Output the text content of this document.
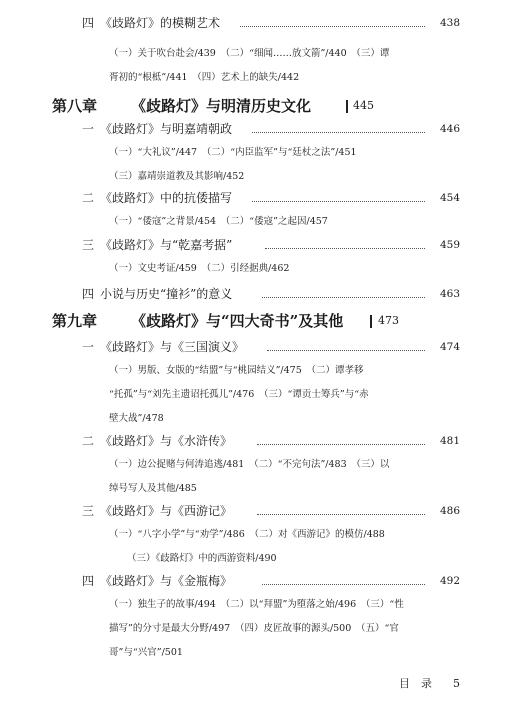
四 《歧路灯》的模糊艺术	438
（一）关于吹台赴会/439　（二）“细闻……放文箭”/440　（三）谭
胥初的“根柢”/441　（四）艺术上的缺失/442
第八章 《歧路灯》与明清历史文化	445
一 《歧路灯》与明嘉靖朝政	446
（一）“大礼议”/447　（二）“内臣监军”与“廷杖之法”/451
（三）嘉靖崇道教及其影响/452
二 《歧路灯》中的抗倭描写	454
（一）“倭寇”之背景/454　（二）“倭寇”之起因/457
三 《歧路灯》与“乾嘉考据”	459
（一）文史考证/459　（二）引经据典/462
四 小说与历史“撞衫”的意义	463
第九章 《歧路灯》与“四大奇书”及其他	473
一 《歧路灯》与《三国演义》	474
（一）男版、女版的“结盟”与“桃园结义”/475　（二）谭孝移
“托孤”与“刘先主遗诏托孤儿”/476　（三）“谭贡士筹兵”与“赤
壁大战”/478
二 《歧路灯》与《水浒传》	481
（一）边公捉赌与何涛追逃/481　（二）“不完句法”/483　（三）以
绰号写人及其他/485
三 《歧路灯》与《西游记》	486
（一）“八字小学”与“劝学”/486　（二）对《西游记》的模仿/488
（三）《歧路灯》中的西游资料/490
四 《歧路灯》与《金瓶梅》	492
（一）独生子的故事/494　（二）以“拜盟”为堕落之始/496　（三）“性
描写”的分寸是最大分野/497　（四）皮匠故事的源头/500　（五）“官
哥”与“兴官”/501
目　录 5
